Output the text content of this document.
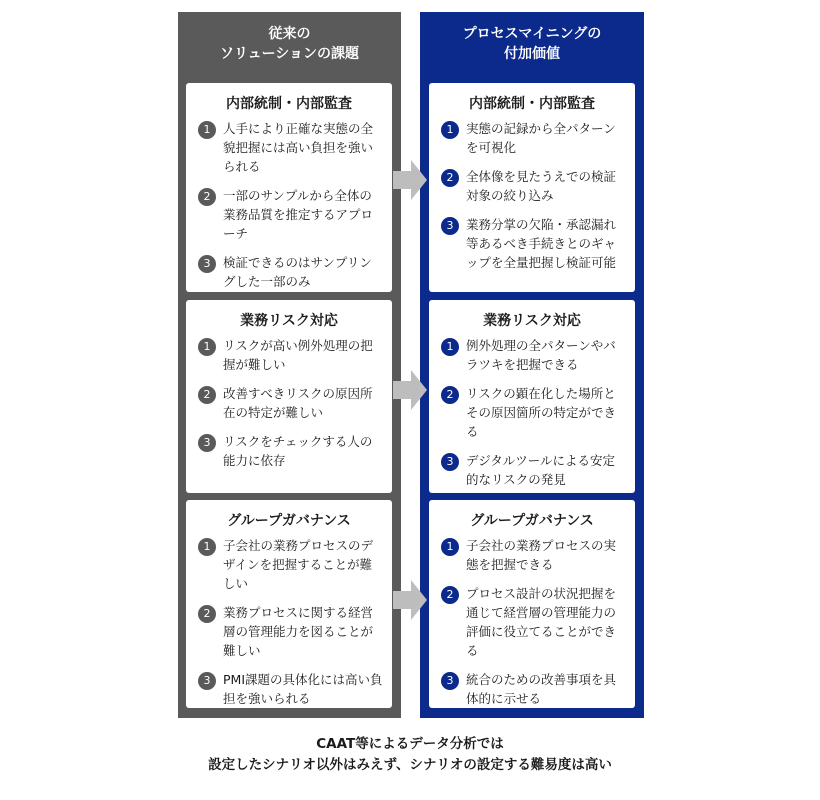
従来の
ソリューションの課題
内部統制・内部監査
1	人手により正確な実態の全貌把握には高い負担を強いられる
2	一部のサンプルから全体の業務品質を推定するアプローチ
3	検証できるのはサンプリングした一部のみ
業務リスク対応
1	リスクが高い例外処理の把握が難しい
2	改善すべきリスクの原因所在の特定が難しい
3	リスクをチェックする人の能力に依存
グループガバナンス
1	子会社の業務プロセスのデザインを把握することが難しい
2	業務プロセスに関する経営層の管理能力を図ることが難しい
3	PMI課題の具体化には高い負担を強いられる
プロセスマイニングの
付加価値
内部統制・内部監査
1	実態の記録から全パターンを可視化
2	全体像を見たうえでの検証対象の絞り込み
3	業務分掌の欠陥・承認漏れ等あるべき手続きとのギャップを全量把握し検証可能
業務リスク対応
1	例外処理の全パターンやバラツキを把握できる
2	リスクの顕在化した場所とその原因箇所の特定ができる
3	デジタルツールによる安定的なリスクの発見
グループガバナンス
1	子会社の業務プロセスの実態を把握できる
2	プロセス設計の状況把握を通じて経営層の管理能力の評価に役立てることができる
3	統合のための改善事項を具体的に示せる
CAAT等によるデータ分析では
設定したシナリオ以外はみえず、シナリオの設定する難易度は高い
